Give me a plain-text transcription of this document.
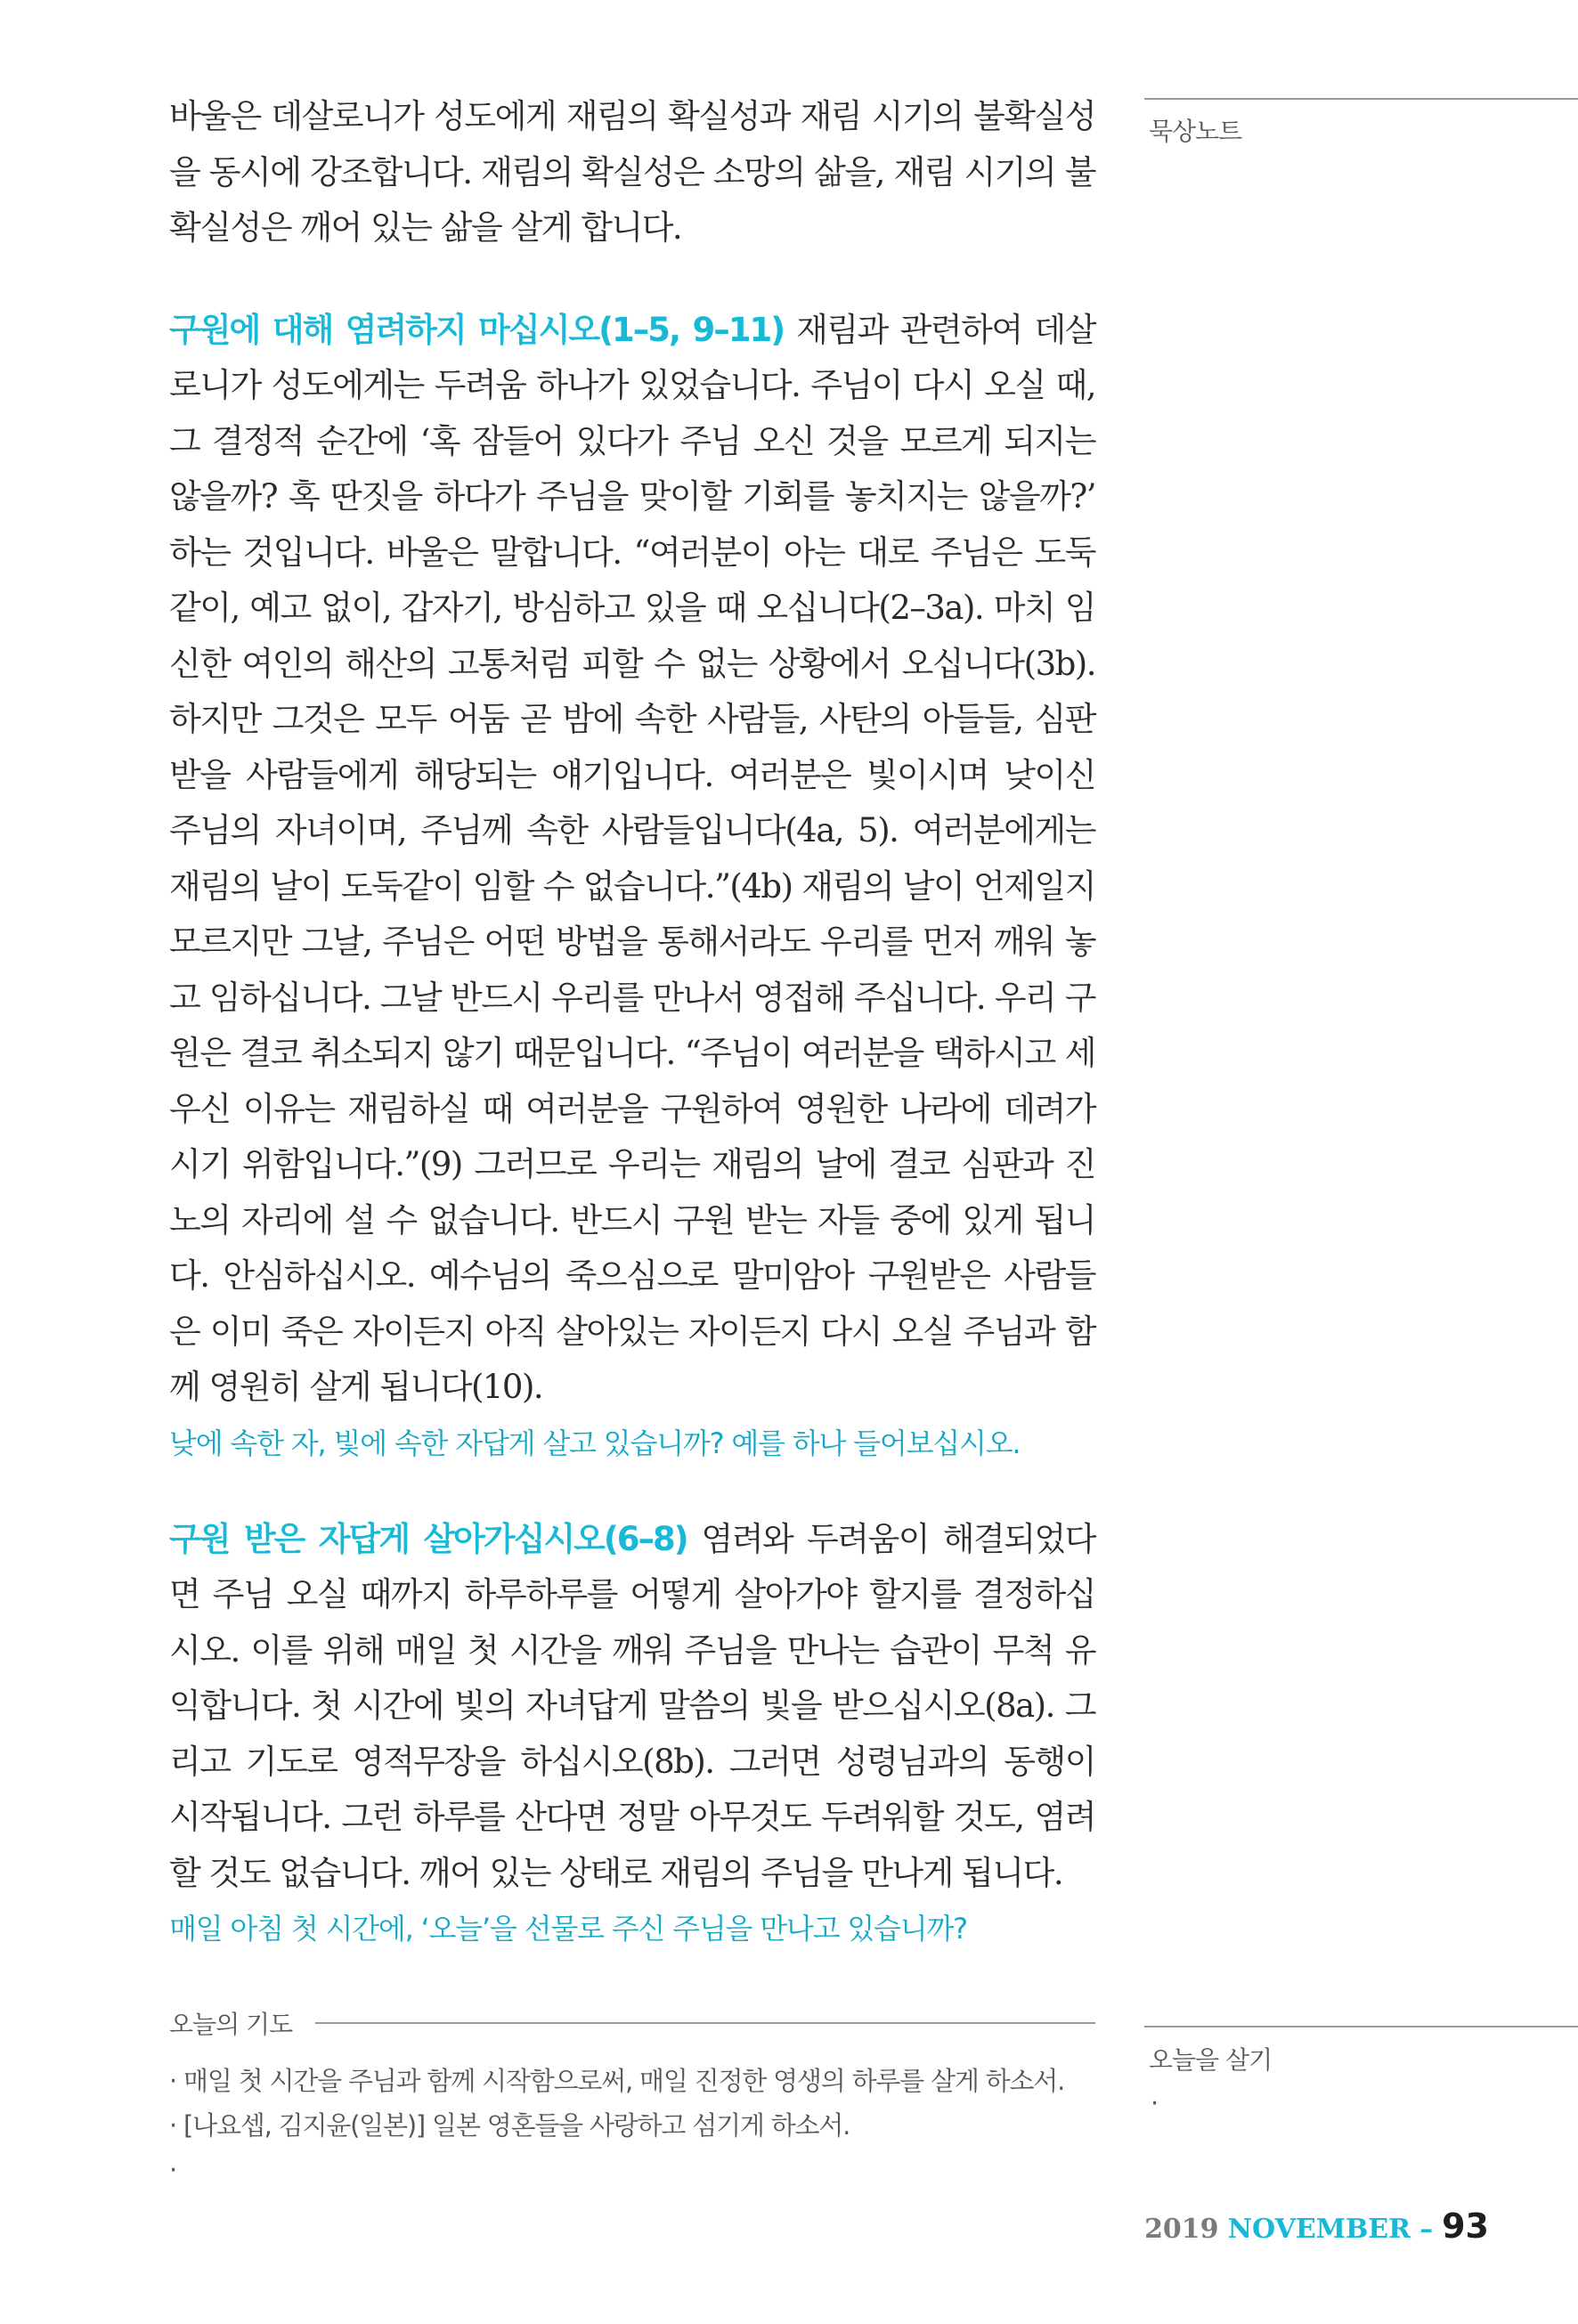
묵상노트
오늘을 살기
·

바울은 데살로니가 성도에게 재림의 확실성과 재림 시기의 불확실성을 동시에 강조합니다. 재림의 확실성은 소망의 삶을, 재림 시기의 불확실성은 깨어 있는 삶을 살게 합니다.

구원에 대해 염려하지 마십시오(1–5, 9–11) 재림과 관련하여 데살로니가 성도에게는 두려움 하나가 있었습니다. 주님이 다시 오실 때, 그 결정적 순간에 ‘혹 잠들어 있다가 주님 오신 것을 모르게 되지는 않을까? 혹 딴짓을 하다가 주님을 맞이할 기회를 놓치지는 않을까?’ 하는 것입니다. 바울은 말합니다. “여러분이 아는 대로 주님은 도둑같이, 예고 없이, 갑자기, 방심하고 있을 때 오십니다(2–3a). 마치 임신한 여인의 해산의 고통처럼 피할 수 없는 상황에서 오십니다(3b). 하지만 그것은 모두 어둠 곧 밤에 속한 사람들, 사탄의 아들들, 심판받을 사람들에게 해당되는 얘기입니다. 여러분은 빛이시며 낮이신 주님의 자녀이며, 주님께 속한 사람들입니다(4a, 5). 여러분에게는 재림의 날이 도둑같이 임할 수 없습니다.”(4b) 재림의 날이 언제일지 모르지만 그날, 주님은 어떤 방법을 통해서라도 우리를 먼저 깨워 놓고 임하십니다. 그날 반드시 우리를 만나서 영접해 주십니다. 우리 구원은 결코 취소되지 않기 때문입니다. “주님이 여러분을 택하시고 세우신 이유는 재림하실 때 여러분을 구원하여 영원한 나라에 데려가시기 위함입니다.”(9) 그러므로 우리는 재림의 날에 결코 심판과 진노의 자리에 설 수 없습니다. 반드시 구원 받는 자들 중에 있게 됩니다. 안심하십시오. 예수님의 죽으심으로 말미암아 구원받은 사람들은 이미 죽은 자이든지 아직 살아있는 자이든지 다시 오실 주님과 함께 영원히 살게 됩니다(10).

낮에 속한 자, 빛에 속한 자답게 살고 있습니까? 예를 하나 들어보십시오.

구원 받은 자답게 살아가십시오(6–8) 염려와 두려움이 해결되었다면 주님 오실 때까지 하루하루를 어떻게 살아가야 할지를 결정하십시오. 이를 위해 매일 첫 시간을 깨워 주님을 만나는 습관이 무척 유익합니다. 첫 시간에 빛의 자녀답게 말씀의 빛을 받으십시오(8a). 그리고 기도로 영적무장을 하십시오(8b). 그러면 성령님과의 동행이 시작됩니다. 그런 하루를 산다면 정말 아무것도 두려워할 것도, 염려할 것도 없습니다. 깨어 있는 상태로 재림의 주님을 만나게 됩니다.

매일 아침 첫 시간에, ‘오늘’을 선물로 주신 주님을 만나고 있습니까?

오늘의 기도
· 매일 첫 시간을 주님과 함께 시작함으로써, 매일 진정한 영생의 하루를 살게 하소서.
· [나요셉, 김지윤(일본)] 일본 영혼들을 사랑하고 섬기게 하소서.
·
2019 NOVEMBER – 93
